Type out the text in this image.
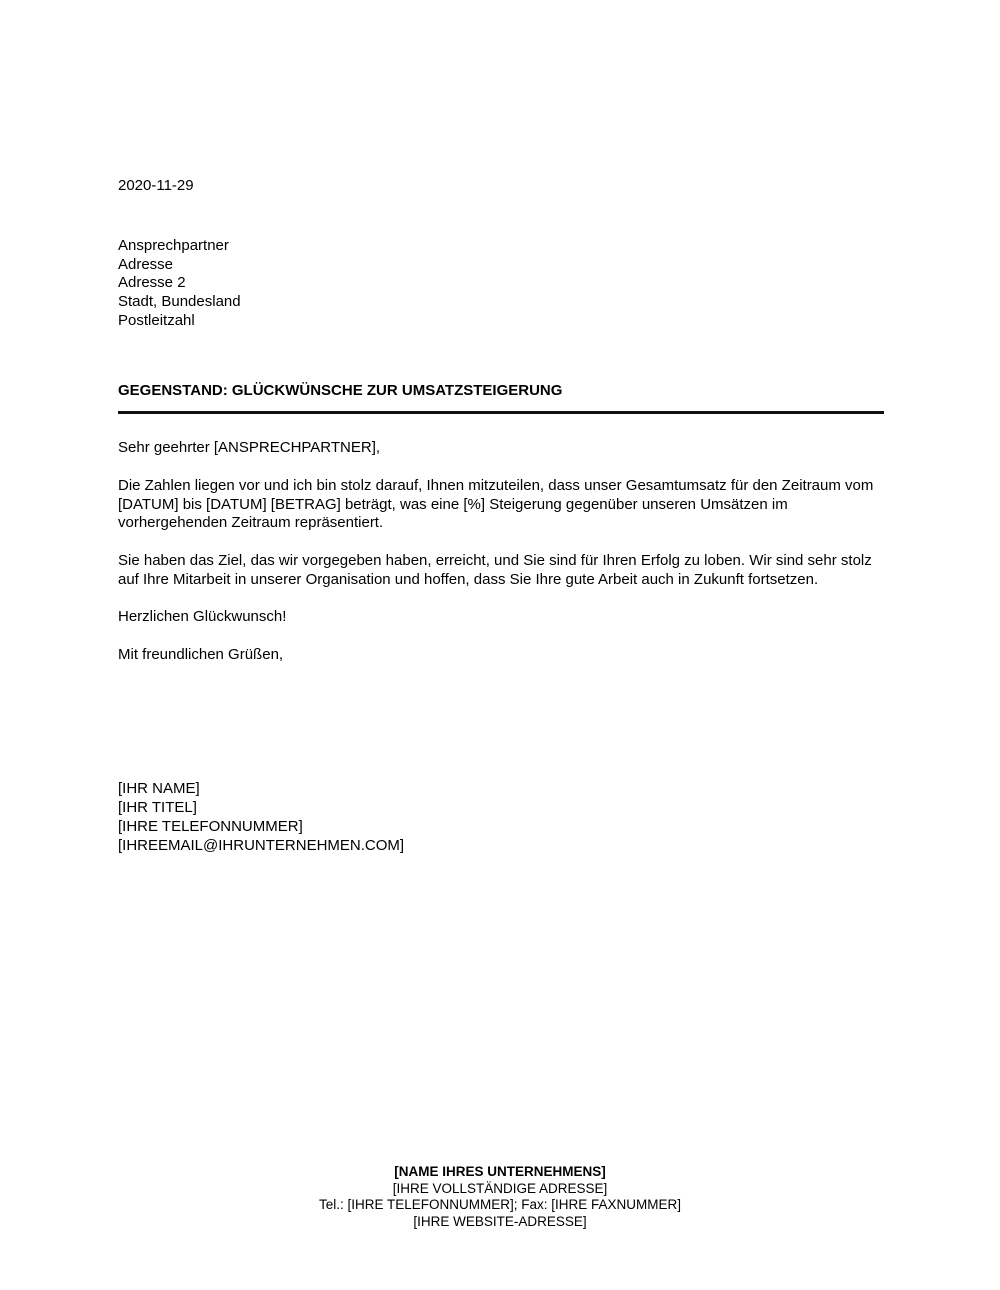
2020-11-29

Ansprechpartner
Adresse
Adresse 2
Stadt, Bundesland
Postleitzahl
GEGENSTAND: GLÜCKWÜNSCHE ZUR UMSATZSTEIGERUNG

Sehr geehrter [ANSPRECHPARTNER],

Die Zahlen liegen vor und ich bin stolz darauf, Ihnen mitzuteilen, dass unser Gesamtumsatz für den Zeitraum vom [DATUM] bis [DATUM] [BETRAG] beträgt, was eine [%] Steigerung gegenüber unseren Umsätzen im vorhergehenden Zeitraum repräsentiert.

Sie haben das Ziel, das wir vorgegeben haben, erreicht, und Sie sind für Ihren Erfolg zu loben. Wir sind sehr stolz auf Ihre Mitarbeit in unserer Organisation und hoffen, dass Sie Ihre gute Arbeit auch in Zukunft fortsetzen.

Herzlichen Glückwunsch!

Mit freundlichen Grüßen,

[IHR NAME]
[IHR TITEL]
[IHRE TELEFONNUMMER]
[IHREEMAIL@IHRUNTERNEHMEN.COM]
[NAME IHRES UNTERNEHMENS]
[IHRE VOLLSTÄNDIGE ADRESSE]
Tel.: [IHRE TELEFONNUMMER]; Fax: [IHRE FAXNUMMER]
[IHRE WEBSITE-ADRESSE]
